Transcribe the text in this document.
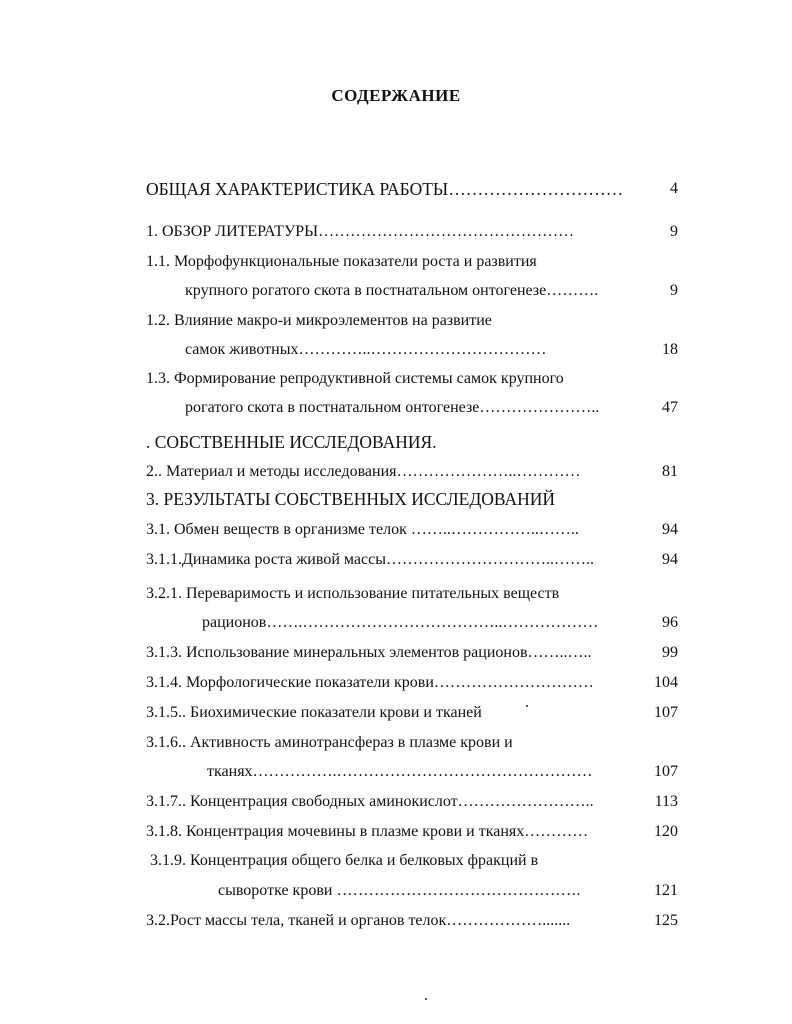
СОДЕРЖАНИЕ
ОБЩАЯ ХАРАКТЕРИСТИКА РАБОТЫ…………………………	4
1. ОБЗОР ЛИТЕРАТУРЫ…………………………………………	9
1.1. Морфофункциональные показатели роста и развития
крупного рогатого скота в постнатальном онтогенезе……….	9
1.2. Влияние макро-и микроэлементов на развитие
самок животных…………..……………………………	18
1.3. Формирование репродуктивной системы самок крупного
рогатого скота в постнатальном онтогенезе…………………..	47
. СОБСТВЕННЫЕ ИССЛЕДОВАНИЯ.
2.. Материал и методы исследования…………………..…………	81
3. РЕЗУЛЬТАТЫ СОБСТВЕННЫХ ИССЛЕДОВАНИЙ
3.1. Обмен веществ в организме телок ……..……………..……..	94
3.1.1.Динамика роста живой массы…………………………..……..	94
3.2.1. Переваримость и использование питательных веществ
рационов…….………………………………..………………	96
3.1.3. Использование минеральных элементов рационов……..…..	99
3.1.4. Морфологические показатели крови…………………………	104
3.1.5.. Биохимические показатели крови и тканей	107
3.1.6.. Активность аминотрансфераз в плазме крови и
тканях…………….…………………………………………	107
3.1.7.. Концентрация свободных аминокислот……………………..	113
3.1.8. Концентрация мочевины в плазме крови и тканях…………	120
3.1.9. Концентрация общего белка и белковых фракций в
сыворотке крови ……………………………………….	121
3.2.Рост массы тела, тканей и органов телок……………….......	125
